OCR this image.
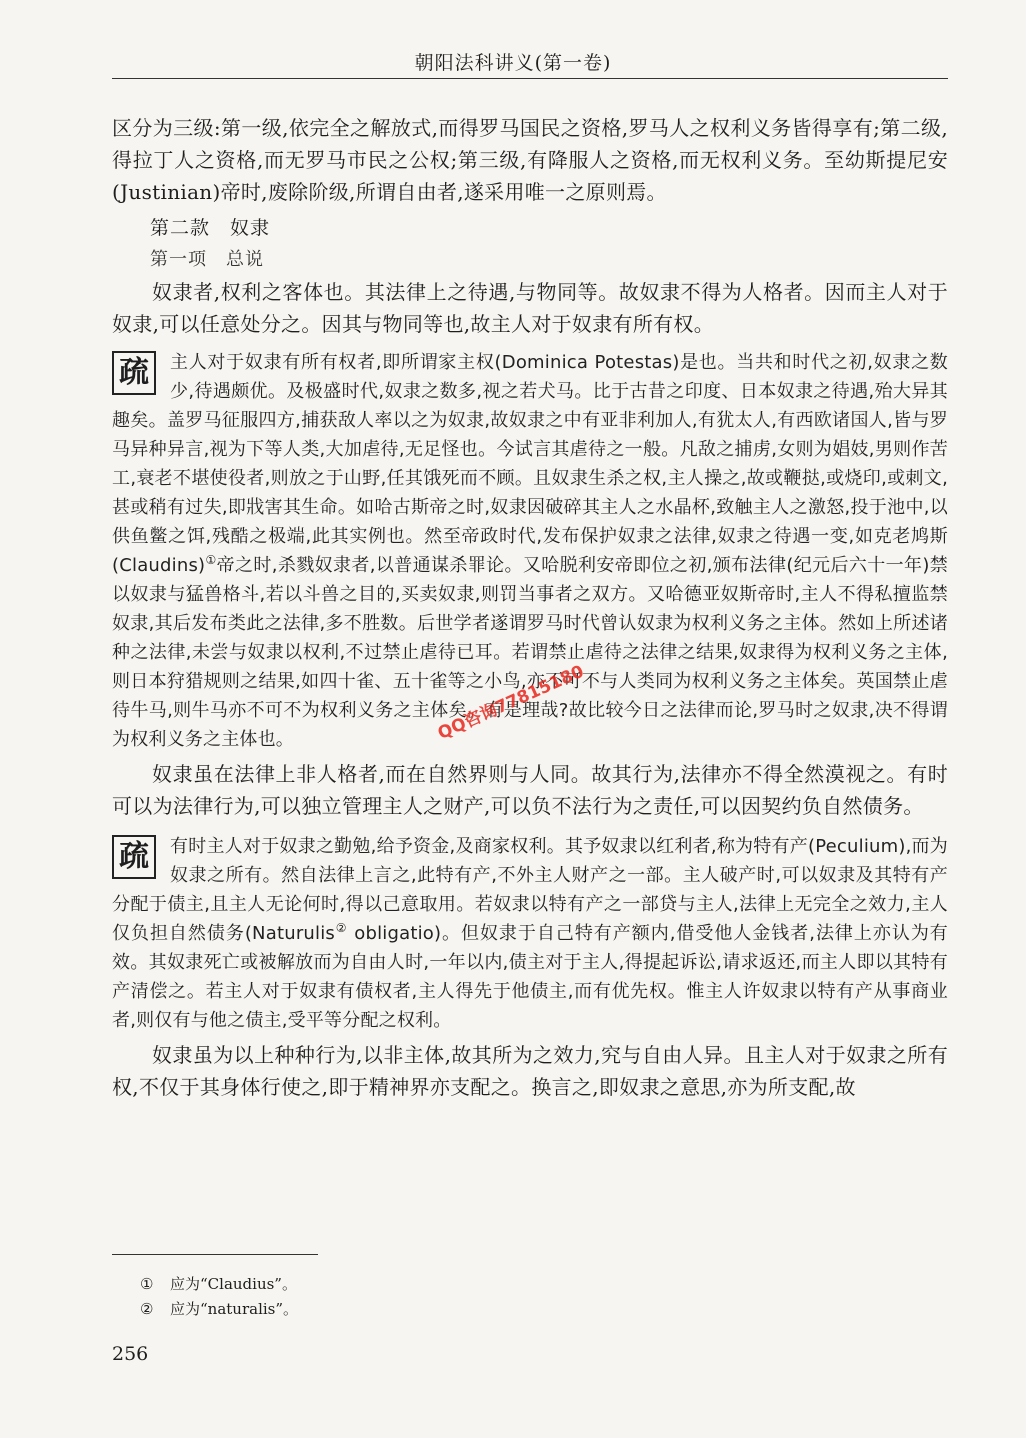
朝阳法科讲义(第一卷)

区分为三级:第一级,依完全之解放式,而得罗马国民之资格,罗马人之权利义务皆得享有;第二级,得拉丁人之资格,而无罗马市民之公权;第三级,有降服人之资格,而无权利义务。至幼斯提尼安(Justinian)帝时,废除阶级,所谓自由者,遂采用唯一之原则焉。

第二款　奴隶

第一项　总说

奴隶者,权利之客体也。其法律上之待遇,与物同等。故奴隶不得为人格者。因而主人对于奴隶,可以任意处分之。因其与物同等也,故主人对于奴隶有所有权。

疏	主人对于奴隶有所有权者,即所谓家主权(Dominica Potestas)是也。当共和时代之初,奴隶之数少,待遇颇优。及极盛时代,奴隶之数多,视之若犬马。比于古昔之印度、日本奴隶之待遇,殆大异其趣矣。盖罗马征服四方,捕获敌人率以之为奴隶,故奴隶之中有亚非利加人,有犹太人,有西欧诸国人,皆与罗马异种异言,视为下等人类,大加虐待,无足怪也。今试言其虐待之一般。凡敌之捕虏,女则为娼妓,男则作苦工,衰老不堪使役者,则放之于山野,任其饿死而不顾。且奴隶生杀之权,主人操之,故或鞭挞,或烧印,或刺文,甚或稍有过失,即戕害其生命。如哈古斯帝之时,奴隶因破碎其主人之水晶杯,致触主人之激怒,投于池中,以供鱼鳖之饵,残酷之极端,此其实例也。然至帝政时代,发布保护奴隶之法律,奴隶之待遇一变,如克老鸠斯(Claudins)①帝之时,杀戮奴隶者,以普通谋杀罪论。又哈脱利安帝即位之初,颁布法律(纪元后六十一年)禁以奴隶与猛兽格斗,若以斗兽之目的,买卖奴隶,则罚当事者之双方。又哈德亚奴斯帝时,主人不得私擅监禁奴隶,其后发布类此之法律,多不胜数。后世学者遂谓罗马时代曾认奴隶为权利义务之主体。然如上所述诸种之法律,未尝与奴隶以权利,不过禁止虐待已耳。若谓禁止虐待之法律之结果,奴隶得为权利义务之主体,则日本狩猎规则之结果,如四十雀、五十雀等之小鸟,亦不可不与人类同为权利义务之主体矣。英国禁止虐待牛马,则牛马亦不可不为权利义务之主体矣。有是理哉?故比较今日之法律而论,罗马时之奴隶,决不得谓为权利义务之主体也。

奴隶虽在法律上非人格者,而在自然界则与人同。故其行为,法律亦不得全然漠视之。有时可以为法律行为,可以独立管理主人之财产,可以负不法行为之责任,可以因契约负自然债务。

疏	有时主人对于奴隶之勤勉,给予资金,及商家权利。其予奴隶以红利者,称为特有产(Peculium),而为奴隶之所有。然自法律上言之,此特有产,不外主人财产之一部。主人破产时,可以奴隶及其特有产分配于债主,且主人无论何时,得以己意取用。若奴隶以特有产之一部贷与主人,法律上无完全之效力,主人仅负担自然债务(Naturulis② obligatio)。但奴隶于自己特有产额内,借受他人金钱者,法律上亦认为有效。其奴隶死亡或被解放而为自由人时,一年以内,债主对于主人,得提起诉讼,请求返还,而主人即以其特有产清偿之。若主人对于奴隶有债权者,主人得先于他债主,而有优先权。惟主人许奴隶以特有产从事商业者,则仅有与他之债主,受平等分配之权利。

奴隶虽为以上种种行为,以非主体,故其所为之效力,究与自由人异。且主人对于奴隶之所有权,不仅于其身体行使之,即于精神界亦支配之。换言之,即奴隶之意思,亦为所支配,故

① 应为“Claudius”。

② 应为“naturalis”。

256
QQ咨询77815180
